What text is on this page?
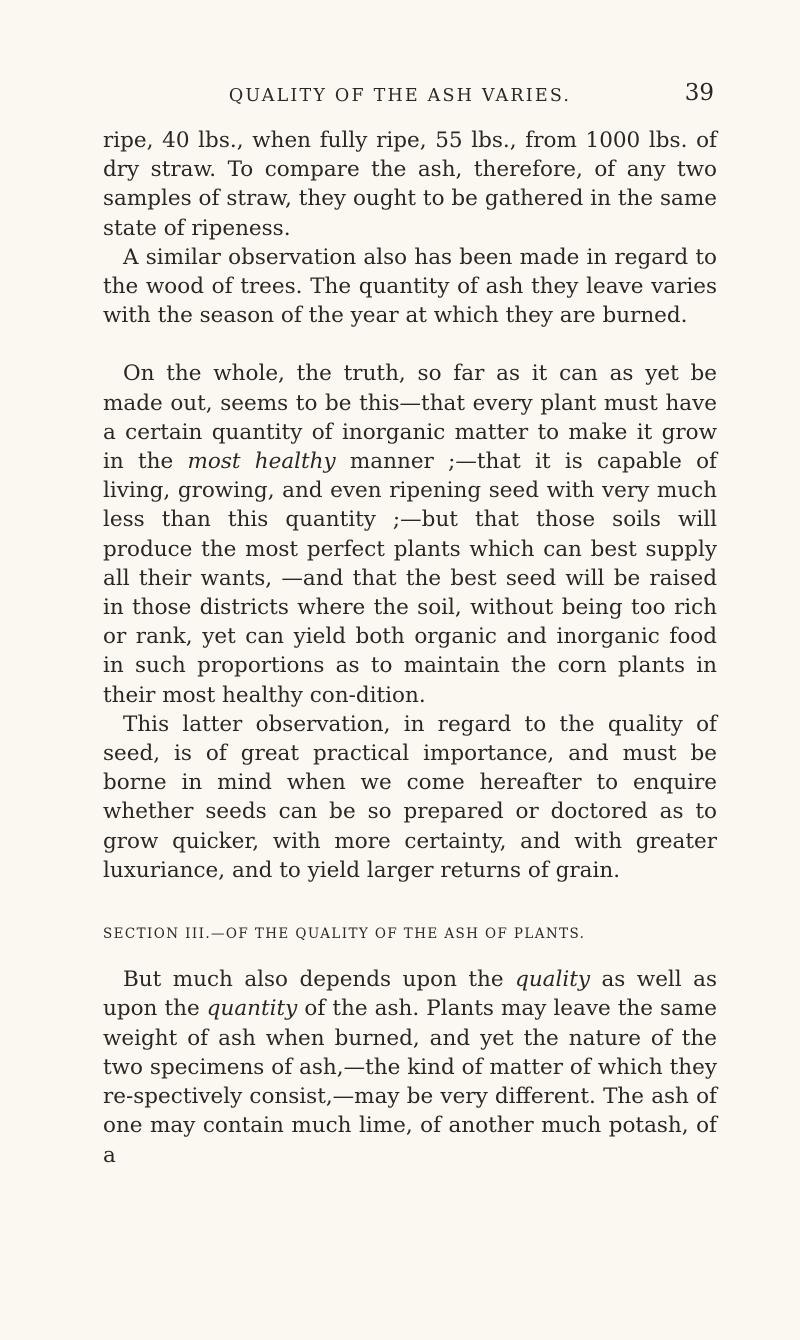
QUALITY OF THE ASH VARIES.	39

ripe, 40 lbs., when fully ripe, 55 lbs., from 1000 lbs. of dry straw. To compare the ash, therefore, of any two samples of straw, they ought to be gathered in the same state of ripeness.

A similar observation also has been made in regard to the wood of trees. The quantity of ash they leave varies with the season of the year at which they are burned.

On the whole, the truth, so far as it can as yet be made out, seems to be this—that every plant must have a certain quantity of inorganic matter to make it grow in the most healthy manner ;—that it is capable of living, growing, and even ripening seed with very much less than this quantity ;—but that those soils will produce the most perfect plants which can best supply all their wants, —and that the best seed will be raised in those districts where the soil, without being too rich or rank, yet can yield both organic and inorganic food in such proportions as to maintain the corn plants in their most healthy con-dition.

This latter observation, in regard to the quality of seed, is of great practical importance, and must be borne in mind when we come hereafter to enquire whether seeds can be so prepared or doctored as to grow quicker, with more certainty, and with greater luxuriance, and to yield larger returns of grain.

SECTION III.—OF THE QUALITY OF THE ASH OF PLANTS.

But much also depends upon the quality as well as upon the quantity of the ash. Plants may leave the same weight of ash when burned, and yet the nature of the two specimens of ash,—the kind of matter of which they re-spectively consist,—may be very different. The ash of one may contain much lime, of another much potash, of a
